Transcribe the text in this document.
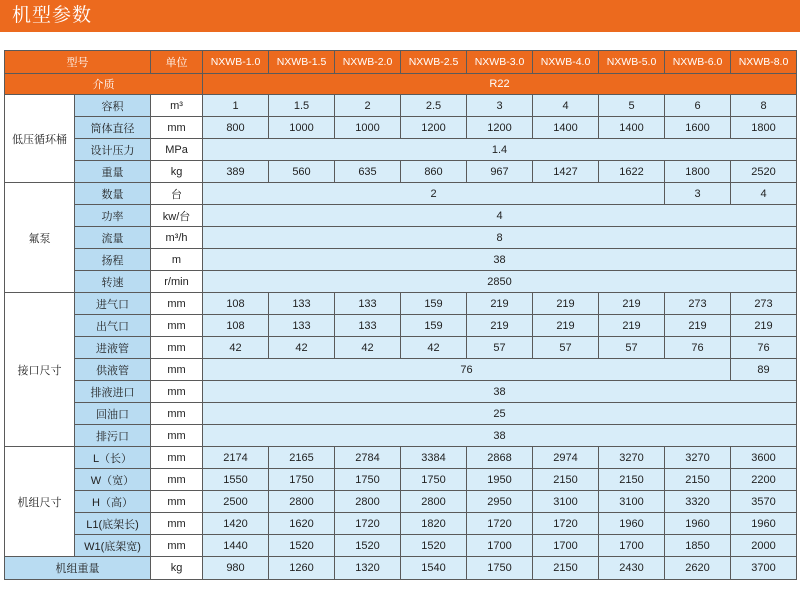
机型参数
型号		单位	NXWB-1.0	NXWB-1.5	NXWB-2.0	NXWB-2.5	NXWB-3.0	NXWB-4.0	NXWB-5.0	NXWB-6.0	NXWB-8.0
介质			R22								
低压循环桶	容积	m³	1	1.5	2	2.5	3	4	5	6	8
	筒体直径	mm	800	1000	1000	1200	1200	1400	1400	1600	1800
	设计压力	MPa	1.4								
	重量	kg	389	560	635	860	967	1427	1622	1800	2520
氟泵	数量	台	2							3	4
	功率	kw/台	4								
	流量	m³/h	8								
	扬程	m	38								
	转速	r/min	2850								
接口尺寸	进气口	mm	108	133	133	159	219	219	219	273	273
	出气口	mm	108	133	133	159	219	219	219	219	219
	进液管	mm	42	42	42	42	57	57	57	76	76
	供液管	mm	76								89
	排液进口	mm	38								
	回油口	mm	25								
	排污口	mm	38								
机组尺寸	L（长）	mm	2174	2165	2784	3384	2868	2974	3270	3270	3600
	W（宽）	mm	1550	1750	1750	1750	1950	2150	2150	2150	2200
	H（高）	mm	2500	2800	2800	2800	2950	3100	3100	3320	3570
	L1(底架长)	mm	1420	1620	1720	1820	1720	1720	1960	1960	1960
	W1(底架宽)	mm	1440	1520	1520	1520	1700	1700	1700	1850	2000
机组重量		kg	980	1260	1320	1540	1750	2150	2430	2620	3700
